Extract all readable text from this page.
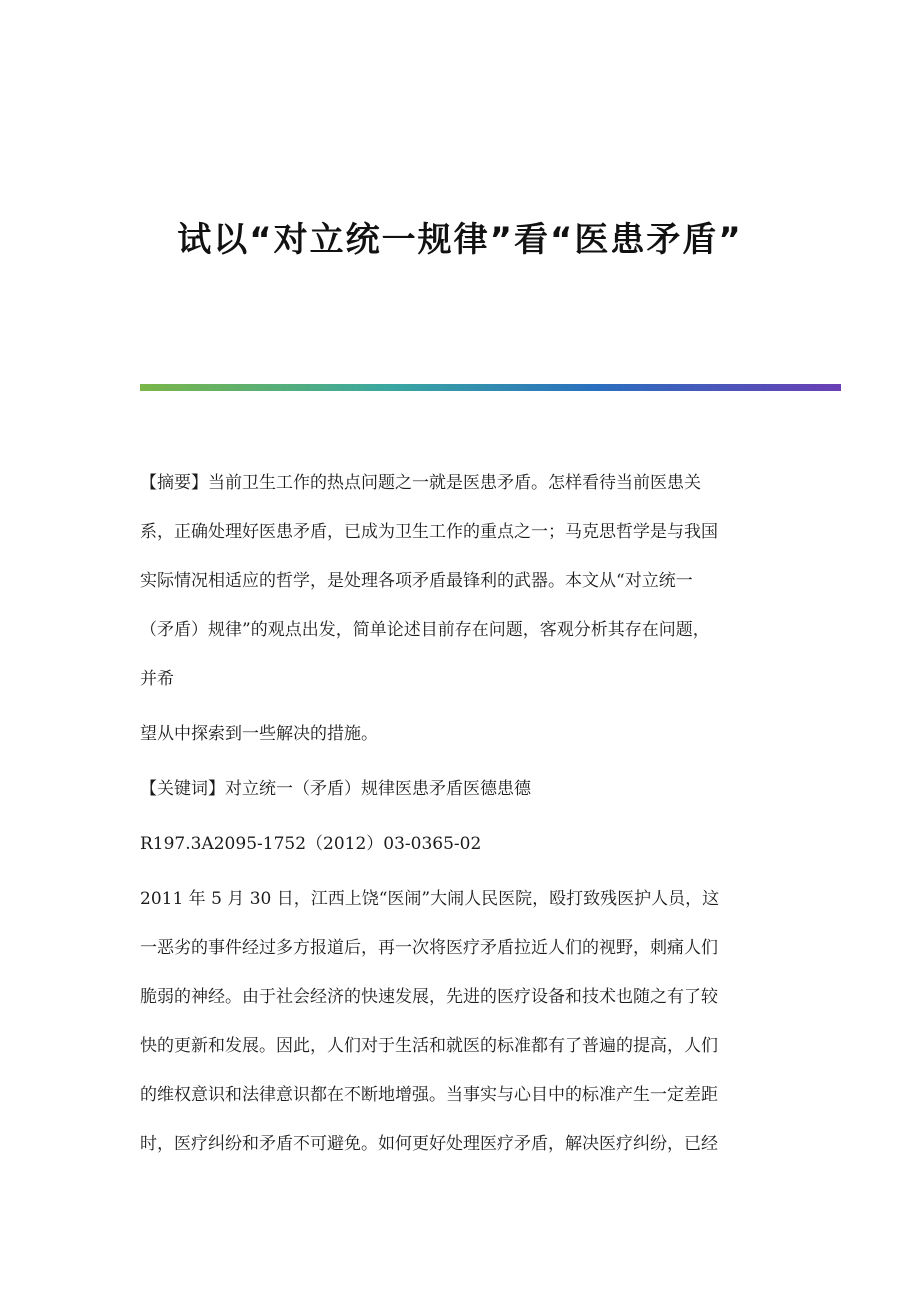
试以“对立统一规律”看“医患矛盾”
【摘要】当前卫生工作的热点问题之一就是医患矛盾。怎样看待当前医患关
系，正确处理好医患矛盾，已成为卫生工作的重点之一；马克思哲学是与我国
实际情况相适应的哲学，是处理各项矛盾最锋利的武器。本文从“对立统一
（矛盾）规律”的观点出发，简单论述目前存在问题，客观分析其存在问题，
并希

望从中探索到一些解决的措施。

【关键词】对立统一（矛盾）规律医患矛盾医德患德

R197.3A2095-1752（2012）03-0365-02

2011 年 5 月 30 日，江西上饶“医闹”大闹人民医院，殴打致残医护人员，这
一恶劣的事件经过多方报道后，再一次将医疗矛盾拉近人们的视野，刺痛人们
脆弱的神经。由于社会经济的快速发展，先进的医疗设备和技术也随之有了较
快的更新和发展。因此，人们对于生活和就医的标准都有了普遍的提高，人们
的维权意识和法律意识都在不断地增强。当事实与心目中的标准产生一定差距
时，医疗纠纷和矛盾不可避免。如何更好处理医疗矛盾，解决医疗纠纷，已经
